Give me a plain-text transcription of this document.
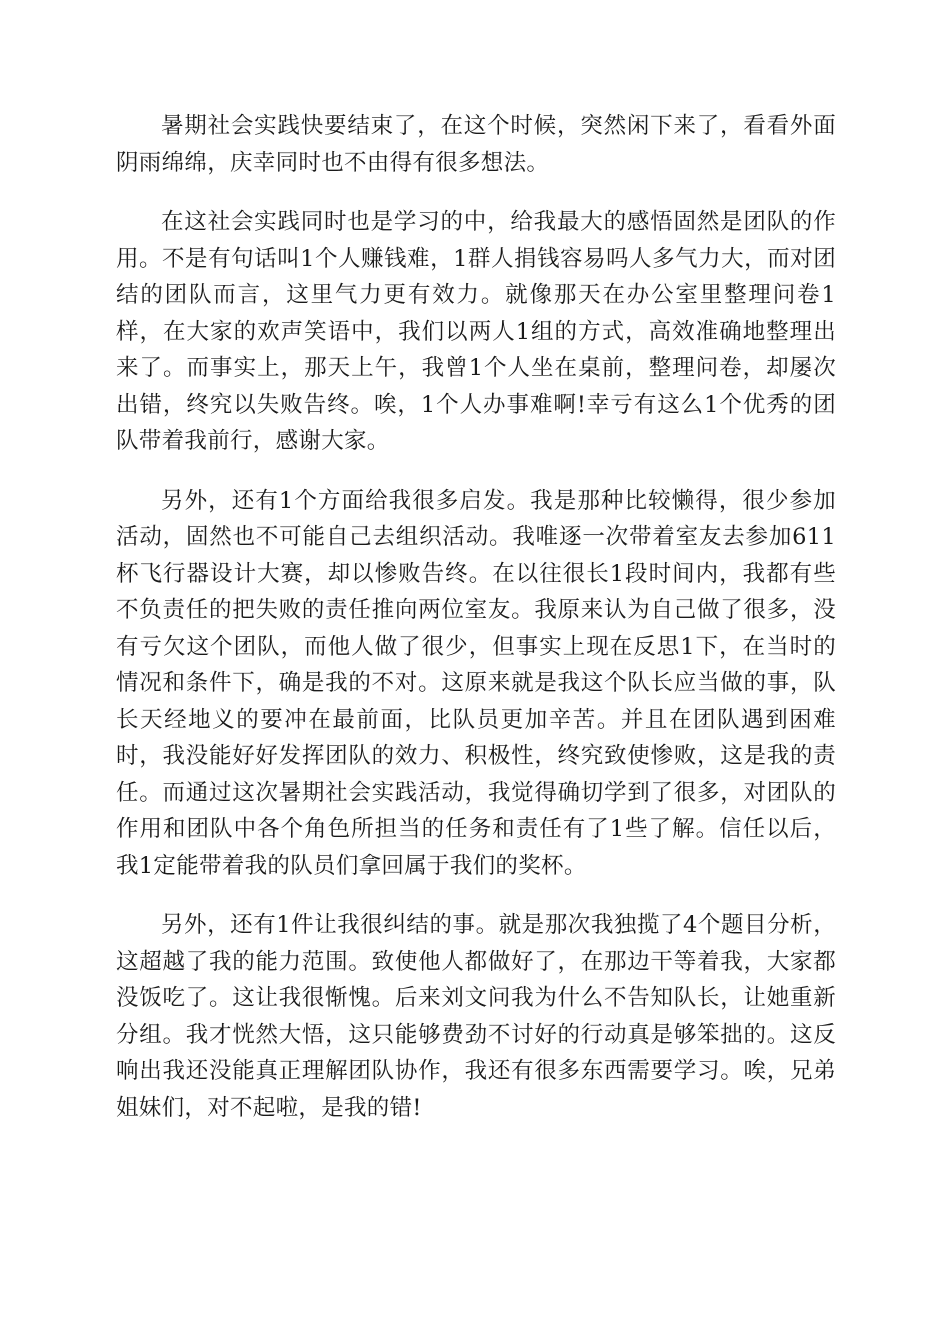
暑期社会实践快要结束了，在这个时候，突然闲下来了，看看外面阴雨绵绵，庆幸同时也不由得有很多想法。

在这社会实践同时也是学习的中，给我最大的感悟固然是团队的作用。不是有句话叫1个人赚钱难，1群人捐钱容易吗人多气力大，而对团结的团队而言，这里气力更有效力。就像那天在办公室里整理问卷1样，在大家的欢声笑语中，我们以两人1组的方式，高效准确地整理出来了。而事实上，那天上午，我曾1个人坐在桌前，整理问卷，却屡次出错，终究以失败告终。唉，1个人办事难啊!幸亏有这么1个优秀的团队带着我前行，感谢大家。

另外，还有1个方面给我很多启发。我是那种比较懒得，很少参加活动，固然也不可能自己去组织活动。我唯逐一次带着室友去参加611杯飞行器设计大赛，却以惨败告终。在以往很长1段时间内，我都有些不负责任的把失败的责任推向两位室友。我原来认为自己做了很多，没有亏欠这个团队，而他人做了很少，但事实上现在反思1下，在当时的情况和条件下，确是我的不对。这原来就是我这个队长应当做的事，队长天经地义的要冲在最前面，比队员更加辛苦。并且在团队遇到困难时，我没能好好发挥团队的效力、积极性，终究致使惨败，这是我的责任。而通过这次暑期社会实践活动，我觉得确切学到了很多，对团队的作用和团队中各个角色所担当的任务和责任有了1些了解。信任以后，我1定能带着我的队员们拿回属于我们的奖杯。

另外，还有1件让我很纠结的事。就是那次我独揽了4个题目分析，这超越了我的能力范围。致使他人都做好了，在那边干等着我，大家都没饭吃了。这让我很惭愧。后来刘文问我为什么不告知队长，让她重新分组。我才恍然大悟，这只能够费劲不讨好的行动真是够笨拙的。这反响出我还没能真正理解团队协作，我还有很多东西需要学习。唉，兄弟姐妹们，对不起啦，是我的错!
